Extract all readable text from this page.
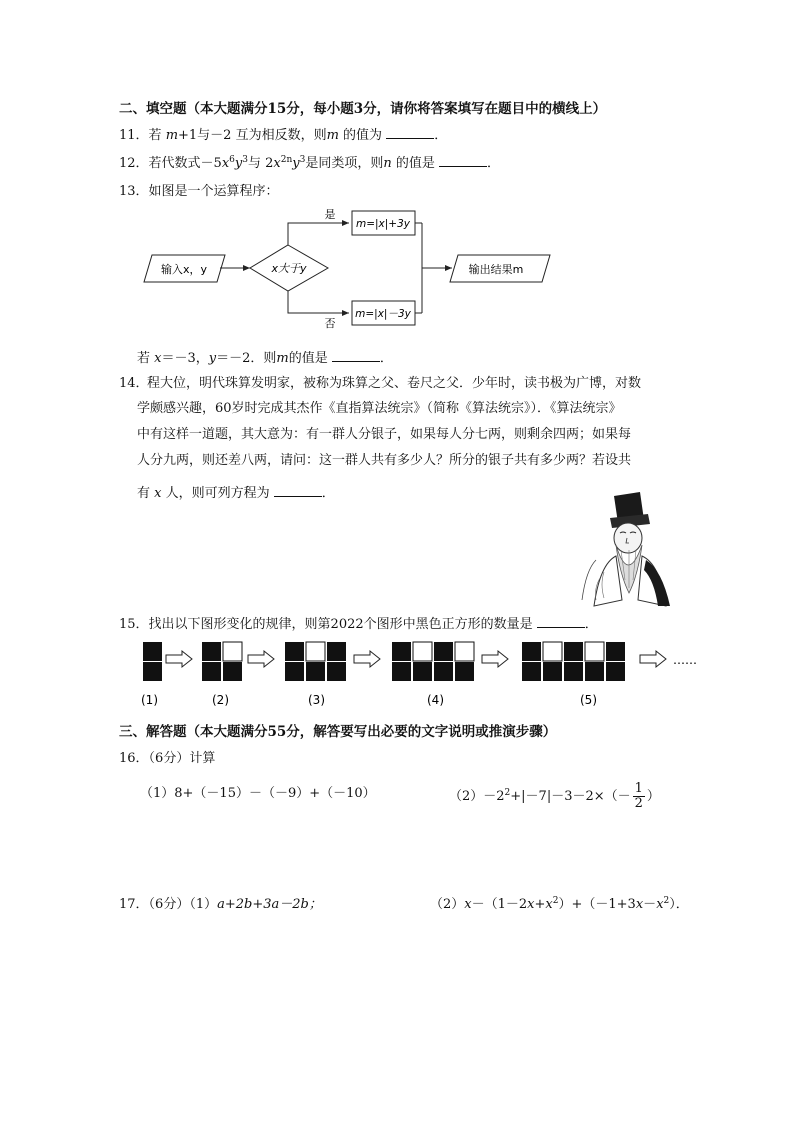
二、填空题（本大题满分15分，每小题3分，请你将答案填写在题目中的横线上）
11．若 m+1与－2 互为相反数，则m 的值为	．
12．若代数式$-5x^6y^3$与 $2x^{2n}y^3$是同类项，则n 的值是	．
13．如图是一个运算程序：
输入x，y	x大于y
是
m=|x|+3y
否
m=|x|－3y
输出结果m
若 x＝－3，y＝－2．则m的值是	．
14．
程大位，明代珠算发明家，被称为珠算之父、卷尺之父．少年时，读书极为广博，对数
学颇感兴趣，60岁时完成其杰作《直指算法统宗》（简称《算法统宗》）．《算法统宗》
中有这样一道题，其大意为：有一群人分银子，如果每人分七两，则剩余四两；如果每
人分九两，则还差八两，请问：这一群人共有多少人？所分的银子共有多少两？若设共
有 x 人，则可列方程为	．
15．找出以下图形变化的规律，则第2022个图形中黑色正方形的数量是	．
……
(1)	(2)	(3)	(4)	(5)
三、解答题（本大题满分55分，解答要写出必要的文字说明或推演步骤）
16．（6分）计算
（1）8+（－15）－（－9）+（－10）	$(2)-2^2+|-7|-3-2\times(- \frac{1}{2}$ ）
17．（6分）（1）a+2b+3a－2b；	$(2)x-(1-2x+x^2)+(-1+3x-x^2)$．
